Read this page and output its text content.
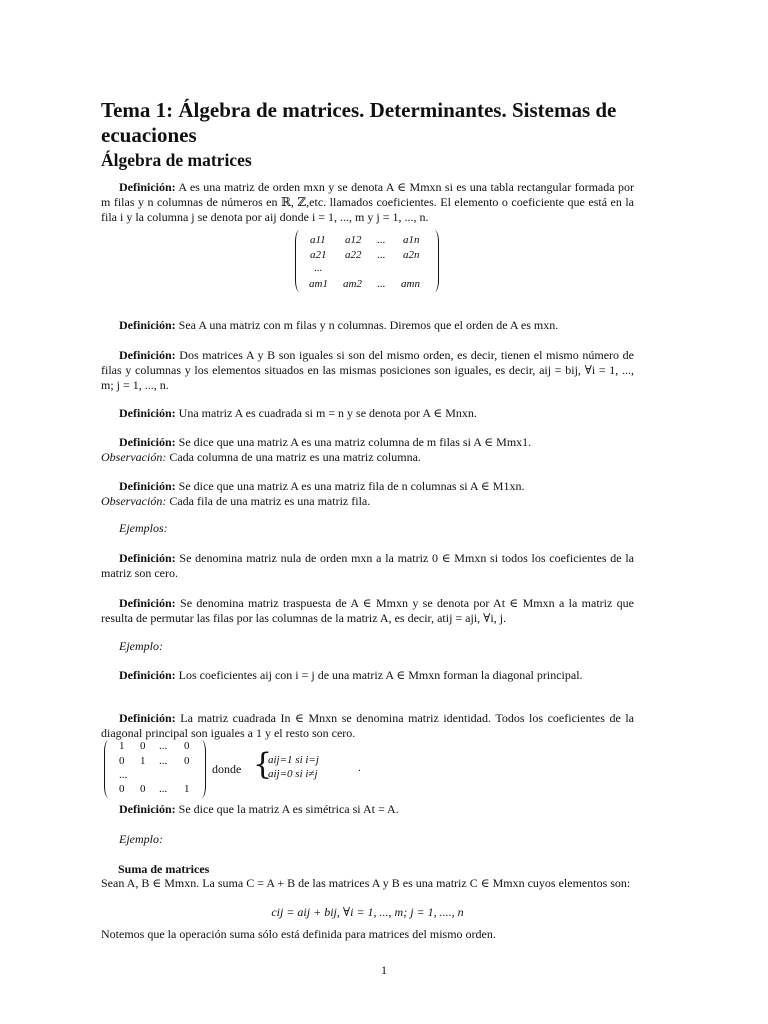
Tema 1: Álgebra de matrices. Determinantes. Sistemas de ecuaciones
Álgebra de matrices

Definición: A es una matriz de orden mxn y se denota A ∈ Mmxn si es una tabla rectangular formada por m filas y n columnas de números en ℝ, ℤ,etc. llamados coeficientes. El elemento o coeficiente que está en la fila i y la columna j se denota por aij donde i = 1, ..., m y j = 1, ..., n.

a11 a12 ... a1n
a21 a22 ... a2n
...
am1 am2 ... amn

Definición: Sea A una matriz con m filas y n columnas. Diremos que el orden de A es mxn.

Definición: Dos matrices A y B son iguales si son del mismo orden, es decir, tienen el mismo número de filas y columnas y los elementos situados en las mismas posiciones son iguales, es decir, aij = bij, ∀i = 1, ..., m; j = 1, ..., n.

Definición: Una matriz A es cuadrada si m = n y se denota por A ∈ Mnxn.

Definición: Se dice que una matriz A es una matriz columna de m filas si A ∈ Mmx1.
Observación: Cada columna de una matriz es una matriz columna.

Definición: Se dice que una matriz A es una matriz fila de n columnas si A ∈ M1xn.
Observación: Cada fila de una matriz es una matriz fila.

Ejemplos:

Definición: Se denomina matriz nula de orden mxn a la matriz 0 ∈ Mmxn si todos los coeficientes de la matriz son cero.

Definición: Se denomina matriz traspuesta de A ∈ Mmxn y se denota por At ∈ Mmxn a la matriz que resulta de permutar las filas por las columnas de la matriz A, es decir, atij = aji, ∀i, j.

Ejemplo:

Definición: Los coeficientes aij con i = j de una matriz A ∈ Mmxn forman la diagonal principal.

Definición: La matriz cuadrada In ∈ Mnxn se denomina matriz identidad. Todos los coeficientes de la diagonal principal son iguales a 1 y el resto son cero.

1 0 ... 0
0 1 ... 0
...
0 0 ... 1
donde {
aij=1 si i=j
aij=0 si i≠j	.

Definición: Se dice que la matriz A es simétrica si At = A.

Ejemplo:

Suma de matrices

Sean A, B ∈ Mmxn. La suma C = A + B de las matrices A y B es una matriz C ∈ Mmxn cuyos elementos son:

cij = aij + bij, ∀i = 1, ..., m; j = 1, ...., n

Notemos que la operación suma sólo está definida para matrices del mismo orden.

1
